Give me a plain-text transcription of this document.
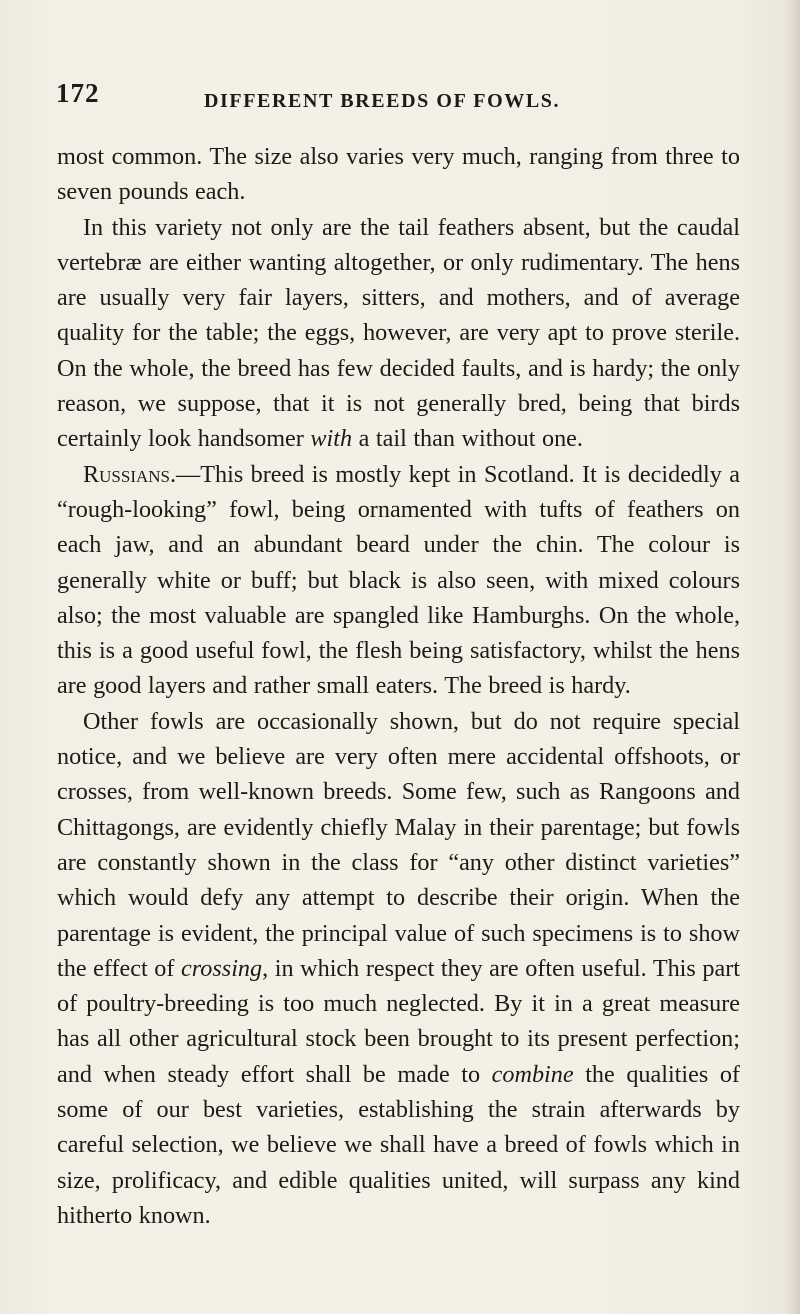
172	DIFFERENT BREEDS OF FOWLS.

most common. The size also varies very much, ranging from three to seven pounds each.

In this variety not only are the tail feathers absent, but the caudal vertebræ are either wanting altogether, or only rudimentary. The hens are usually very fair layers, sitters, and mothers, and of average quality for the table; the eggs, however, are very apt to prove sterile. On the whole, the breed has few decided faults, and is hardy; the only reason, we suppose, that it is not generally bred, being that birds certainly look handsomer with a tail than without one.

Russians.—This breed is mostly kept in Scotland. It is decidedly a “rough-looking” fowl, being ornamented with tufts of feathers on each jaw, and an abundant beard under the chin. The colour is generally white or buff; but black is also seen, with mixed colours also; the most valuable are spangled like Hamburghs. On the whole, this is a good useful fowl, the flesh being satisfactory, whilst the hens are good layers and rather small eaters. The breed is hardy.

Other fowls are occasionally shown, but do not require special notice, and we believe are very often mere accidental offshoots, or crosses, from well-known breeds. Some few, such as Rangoons and Chittagongs, are evidently chiefly Malay in their parentage; but fowls are constantly shown in the class for “any other distinct varieties” which would defy any attempt to describe their origin. When the parentage is evident, the principal value of such specimens is to show the effect of crossing, in which respect they are often useful. This part of poultry-breeding is too much neglected. By it in a great measure has all other agricultural stock been brought to its present perfection; and when steady effort shall be made to combine the qualities of some of our best varieties, establishing the strain afterwards by careful selection, we believe we shall have a breed of fowls which in size, prolificacy, and edible qualities united, will surpass any kind hitherto known.
